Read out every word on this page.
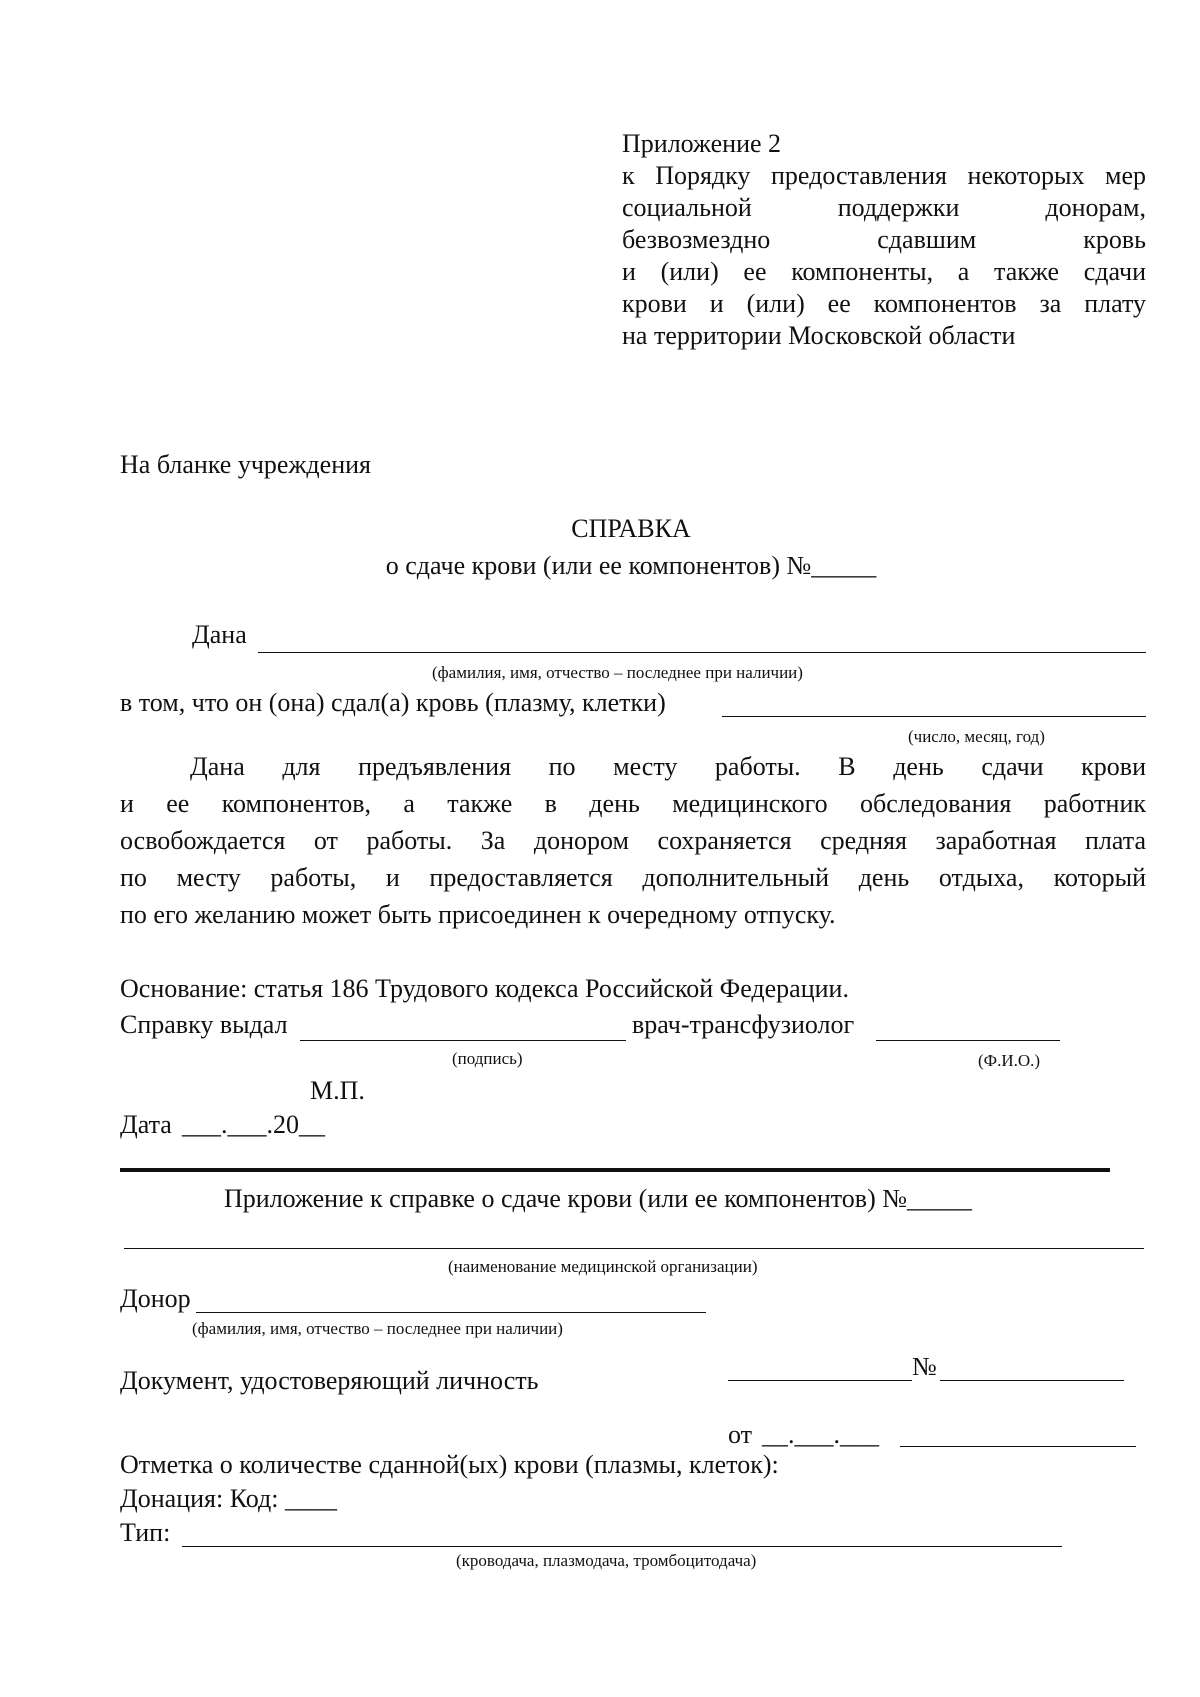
Приложение 2
к Порядку предоставления некоторых мер
социальной поддержки донорам,
безвозмездно сдавшим кровь
и (или) ее компоненты, а также сдачи
крови и (или) ее компонентов за плату
на территории Московской области
На бланке учреждения
СПРАВКА
о сдаче крови (или ее компонентов) №_____
Дана
(фамилия, имя, отчество – последнее при наличии)
в том, что он (она) сдал(а) кровь (плазму, клетки)
(число, месяц, год)
Дана для предъявления по месту работы. В день сдачи крови
и ее компонентов, а также в день медицинского обследования работник
освобождается от работы. За донором сохраняется средняя заработная плата
по месту работы, и предоставляется дополнительный день отдыха, который
по его желанию может быть присоединен к очередному отпуску.
Основание: статья 186 Трудового кодекса Российской Федерации.
Справку выдал	врач-трансфузиолог
(подпись)	(Ф.И.О.)
М.П.
Дата ___.___.20__
Приложение к справке о сдаче крови (или ее компонентов) №_____
(наименование медицинской организации)
Донор
(фамилия, имя, отчество – последнее при наличии)
Документ, удостоверяющий личность	№
от __.___.___
Отметка о количестве сданной(ых) крови (плазмы, клеток):
Донация: Код: ____
Тип:
(кроводача, плазмодача, тромбоцитодача)
